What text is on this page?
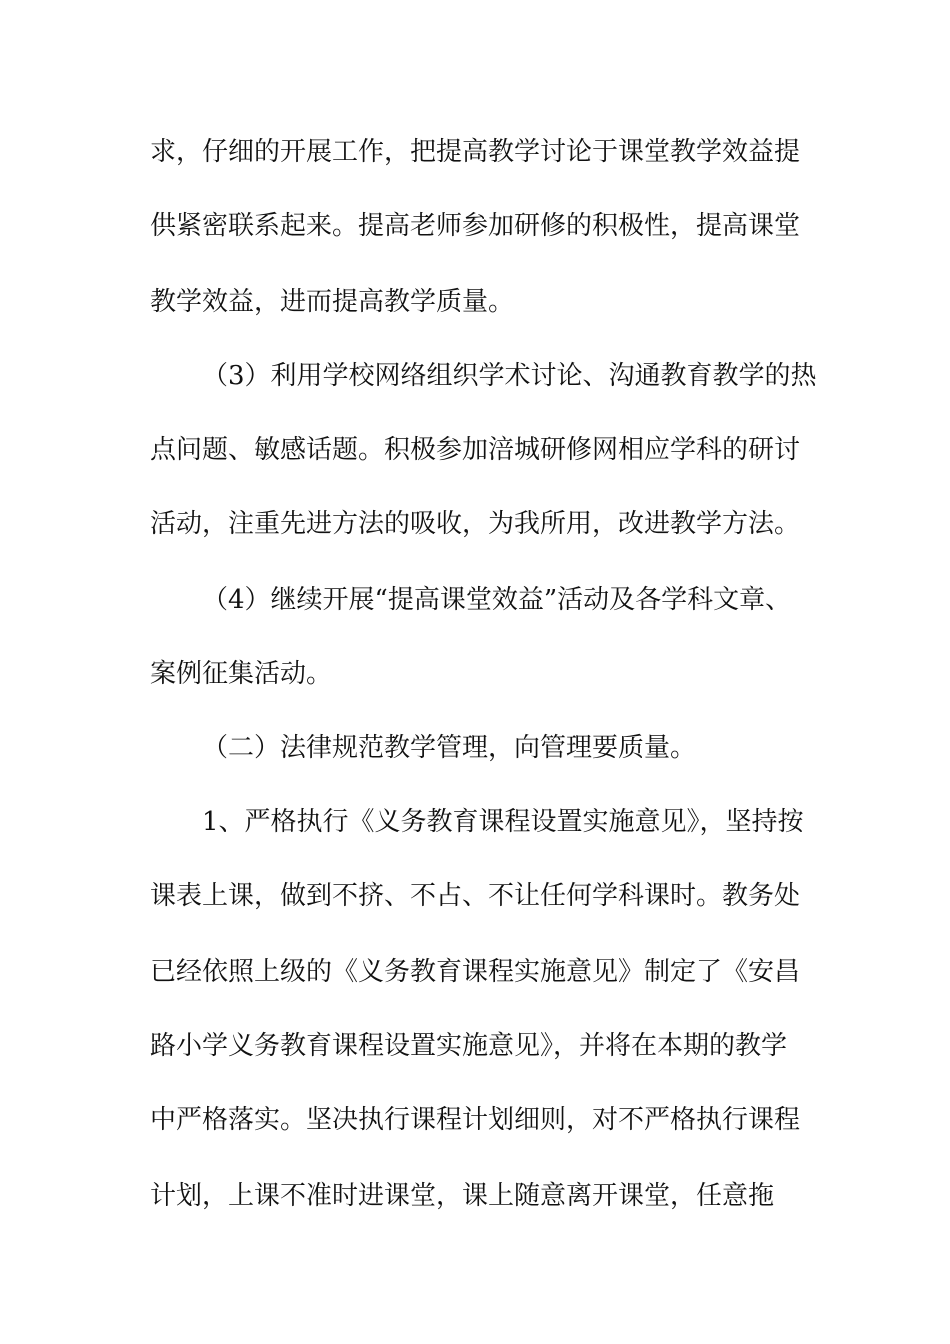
求，仔细的开展工作，把提高教学讨论于课堂教学效益提
供紧密联系起来。提高老师参加研修的积极性，提高课堂
教学效益，进而提高教学质量。
（3）利用学校网络组织学术讨论、沟通教育教学的热
点问题、敏感话题。积极参加涪城研修网相应学科的研讨
活动，注重先进方法的吸收，为我所用，改进教学方法。
（4）继续开展“提高课堂效益”活动及各学科文章、
案例征集活动。
（二）法律规范教学管理，向管理要质量。
1、严格执行《义务教育课程设置实施意见》，坚持按
课表上课，做到不挤、不占、不让任何学科课时。教务处
已经依照上级的《义务教育课程实施意见》制定了《安昌
路小学义务教育课程设置实施意见》，并将在本期的教学
中严格落实。坚决执行课程计划细则，对不严格执行课程
计划，上课不准时进课堂，课上随意离开课堂，任意拖
